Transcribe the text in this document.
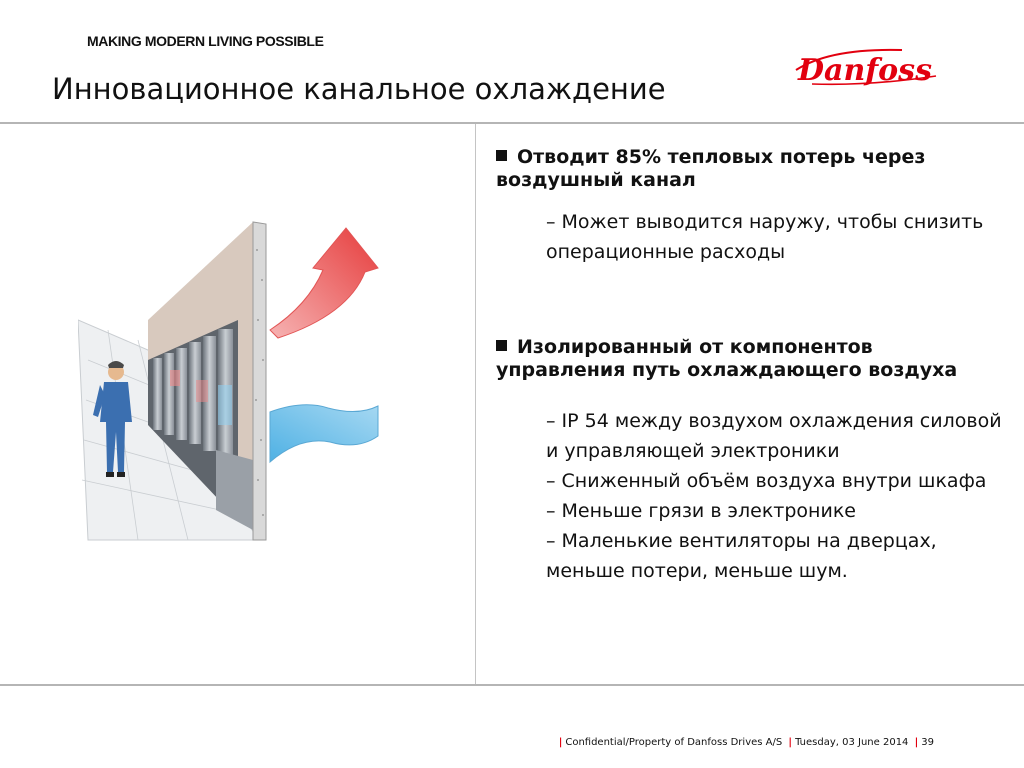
MAKING MODERN LIVING POSSIBLE
Инновационное канальное охлаждение
Danfoss
Отводит 85% тепловых потерь через воздушный канал

– Может выводится наружу, чтобы снизить операционные расходы

Изолированный от компонентов управления путь охлаждающего воздуха

– IP 54 между воздухом охлаждения силовой и управляющей электроники

– Сниженный объём воздуха внутри шкафа

– Меньше грязи в электронике

– Маленькие вентиляторы на дверцах, меньше потери, меньше шум.

| Confidential/Property of Danfoss Drives A/S | Tuesday, 03 June 2014 | 39
